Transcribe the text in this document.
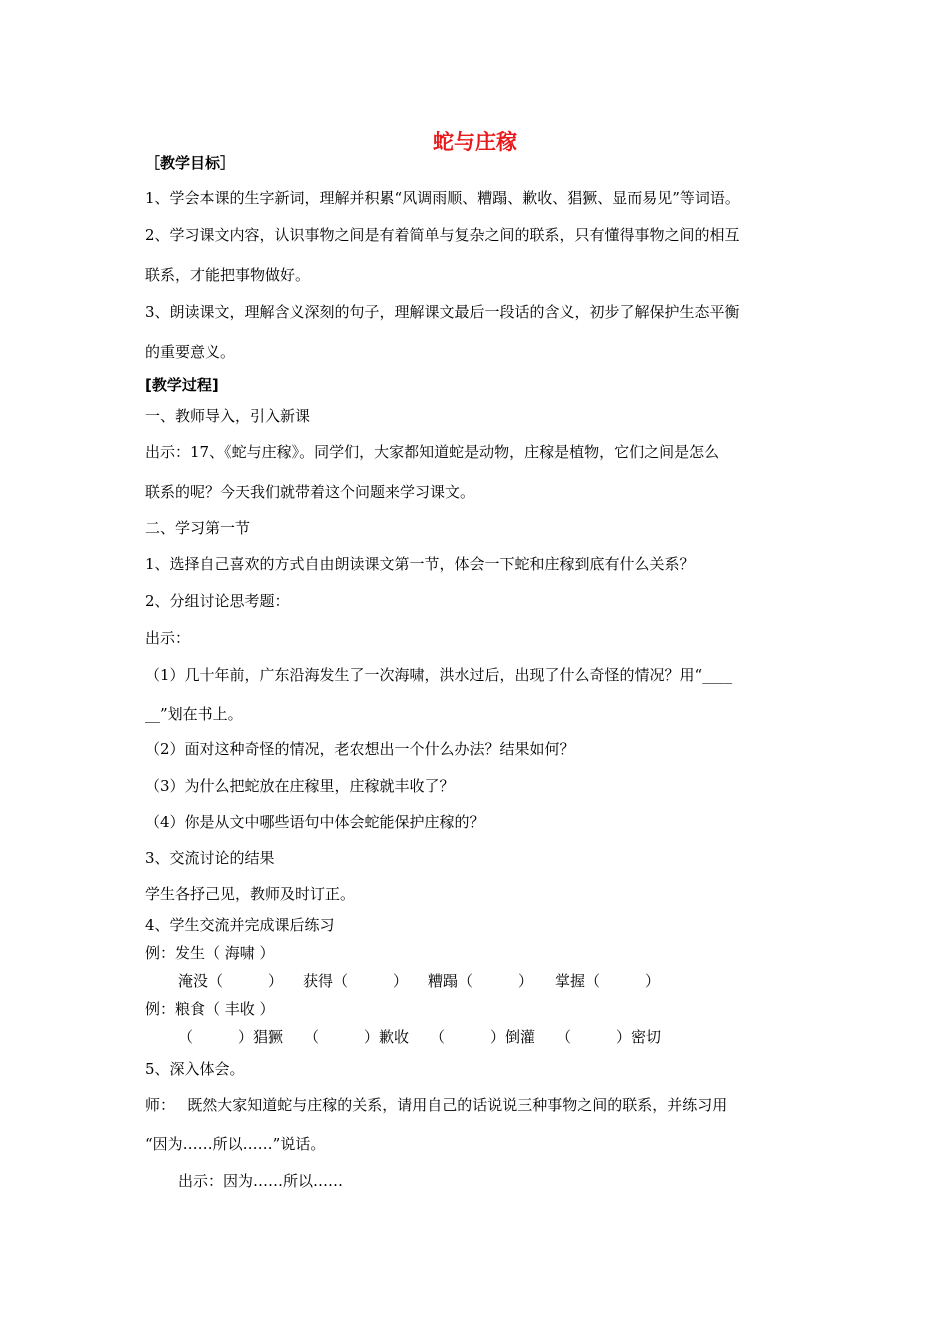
蛇与庄稼
［教学目标］
1、学会本课的生字新词，理解并积累“风调雨顺、糟蹋、歉收、猖獗、显而易见”等词语。
2、学习课文内容，认识事物之间是有着简单与复杂之间的联系，只有懂得事物之间的相互
联系，才能把事物做好。
3、朗读课文，理解含义深刻的句子，理解课文最后一段话的含义，初步了解保护生态平衡
的重要意义。
[教学过程]
一、教师导入，引入新课
出示：17、《蛇与庄稼》。同学们，大家都知道蛇是动物，庄稼是植物，它们之间是怎么
联系的呢？今天我们就带着这个问题来学习课文。
二、学习第一节
1、选择自己喜欢的方式自由朗读课文第一节，体会一下蛇和庄稼到底有什么关系？
2、分组讨论思考题：
出示：
（1）几十年前，广东沿海发生了一次海啸，洪水过后，出现了什么奇怪的情况？用“____
__”划在书上。
（2）面对这种奇怪的情况，老农想出一个什么办法？结果如何？
（3）为什么把蛇放在庄稼里，庄稼就丰收了？
（4）你是从文中哪些语句中体会蛇能保护庄稼的？
3、交流讨论的结果
学生各抒己见，教师及时订正。
4、学生交流并完成课后练习
例：发生（ 海啸 ）
淹没（　　　） 获得（　　　） 糟蹋（　　　） 掌握（　　　）
例：粮食（ 丰收 ）
（　　　）猖獗 （　　　）歉收 （　　　）倒灌 （　　　）密切
5、深入体会。
师：　 既然大家知道蛇与庄稼的关系，请用自己的话说说三种事物之间的联系，并练习用
“因为……所以……”说话。
出示：因为……所以……
